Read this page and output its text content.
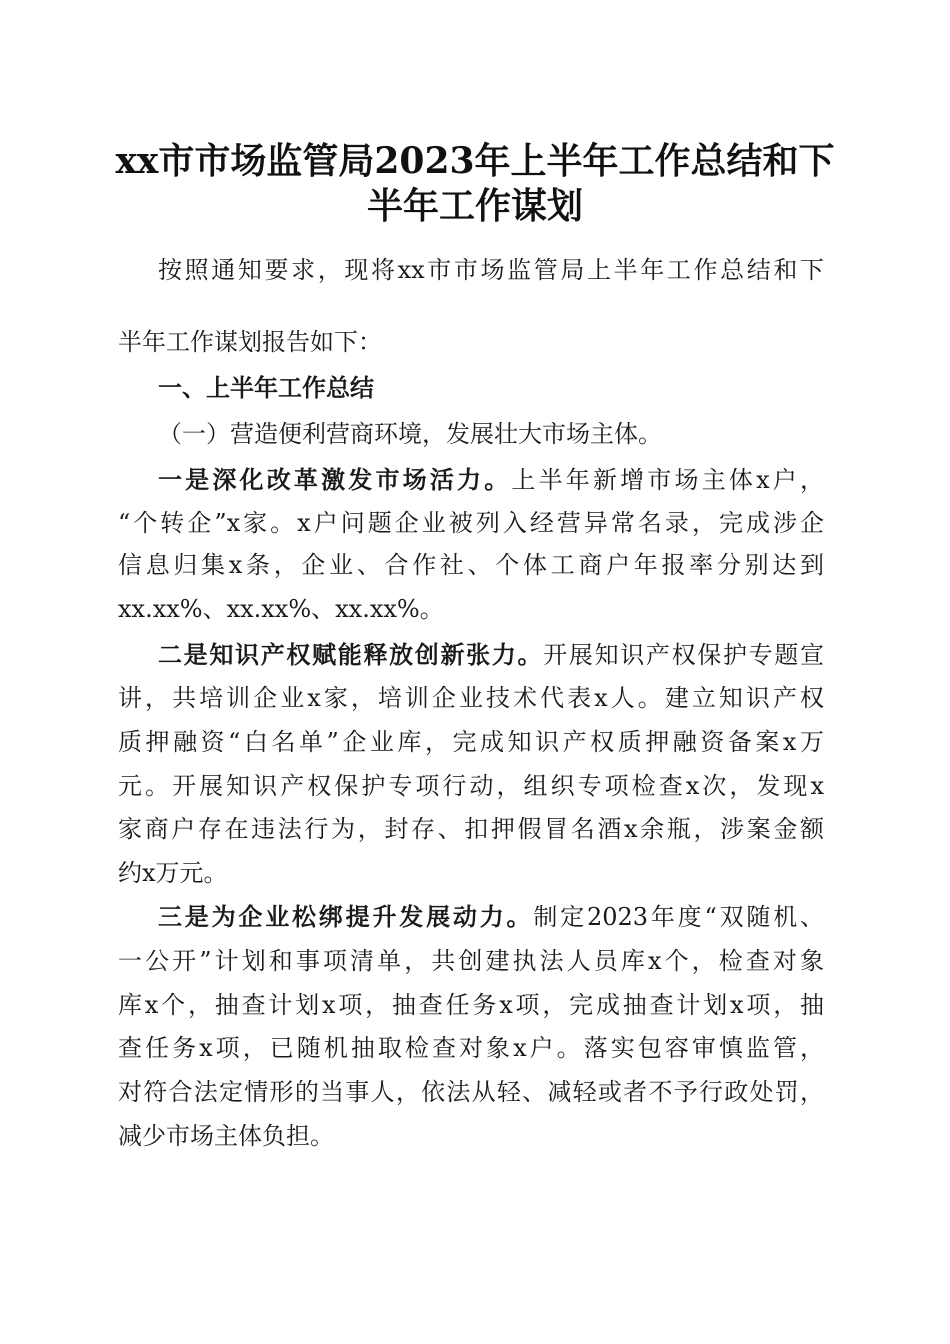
xx市市场监管局2023年上半年工作总结和下
半年工作谋划
按照通知要求，现将xx市市场监管局上半年工作总结和下
半年工作谋划报告如下：
一、上半年工作总结
（一）营造便利营商环境，发展壮大市场主体。
一是深化改革激发市场活力。上半年新增市场主体x户，
“个转企”x家。x户问题企业被列入经营异常名录，完成涉企
信息归集x条，企业、合作社、个体工商户年报率分别达到
xx.xx%、xx.xx%、xx.xx%。
二是知识产权赋能释放创新张力。开展知识产权保护专题宣
讲，共培训企业x家，培训企业技术代表x人。建立知识产权
质押融资“白名单”企业库，完成知识产权质押融资备案x万
元。开展知识产权保护专项行动，组织专项检查x次，发现x
家商户存在违法行为，封存、扣押假冒名酒x余瓶，涉案金额
约x万元。
三是为企业松绑提升发展动力。制定2023年度“双随机、
一公开”计划和事项清单，共创建执法人员库x个，检查对象
库x个，抽查计划x项，抽查任务x项，完成抽查计划x项，抽
查任务x项，已随机抽取检查对象x户。落实包容审慎监管，
对符合法定情形的当事人，依法从轻、减轻或者不予行政处罚，
减少市场主体负担。
